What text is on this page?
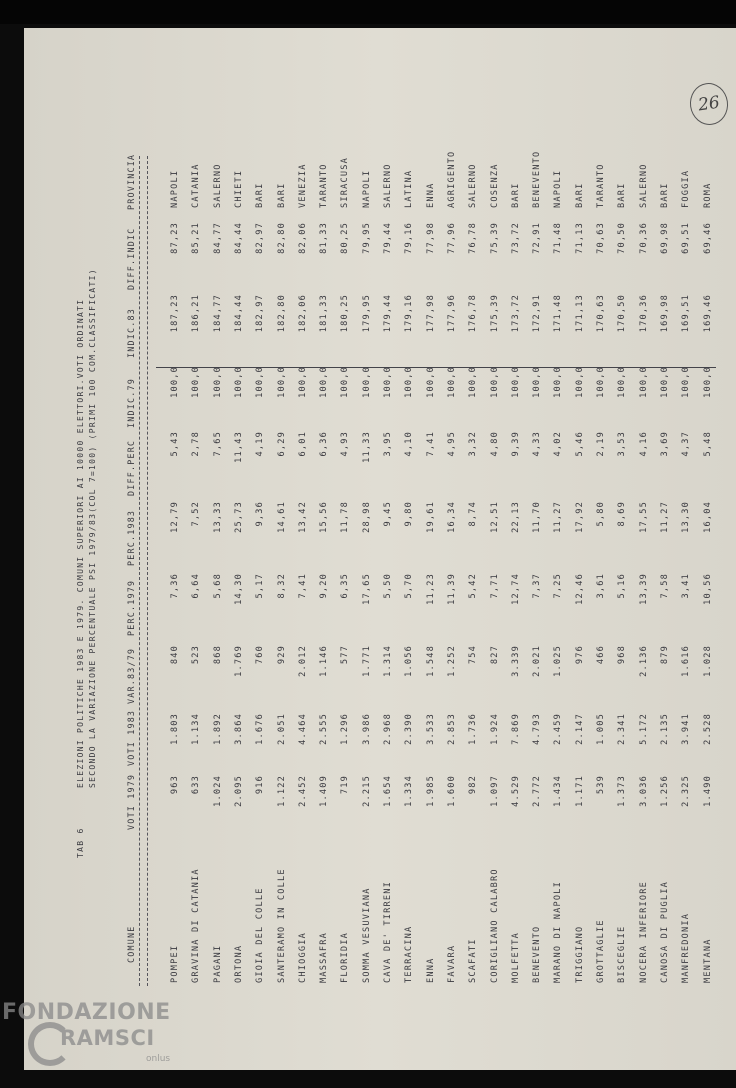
TAB 6
ELEZIONI POLITICHE 1983 E 1979. COMUNI SUPERIORI AI 10000 ELETTORI.VOTI ORDINATI SECONDO LA VARIAZIONE PERCENTUALE PSI 1979/83(COL 7=100) (PRIMI 100 COM.CLASSIFICATI)
COMUNE
VOTI 1979
VOTI 1983
VAR.83/79
PERC.1979
PERC.1983
DIFF.PERC
INDIC.79
INDIC.83
DIFF.INDIC
PROVINCIA
POMPEI
963
1.803
840
7,36
12,79
5,43
100,0
187,23
87,23
NAPOLI
GRAVINA DI CATANIA
633
1.134
523
6,64
7,52
2,78
100,0
186,21
85,21
CATANIA
PAGANI
1.024
1.892
868
5,68
13,33
7,65
100,0
184,77
84,77
SALERNO
ORTONA
2.095
3.864
1.769
14,30
25,73
11,43
100,0
184,44
84,44
CHIETI
GIOIA DEL COLLE
916
1.676
760
5,17
9,36
4,19
100,0
182,97
82,97
BARI
SANTERAMO IN COLLE
1.122
2.051
929
8,32
14,61
6,29
100,0
182,80
82,80
BARI
CHIOGGIA
2.452
4.464
2.012
7,41
13,42
6,01
100,0
182,06
82,06
VENEZIA
MASSAFRA
1.409
2.555
1.146
9,20
15,56
6,36
100,0
181,33
81,33
TARANTO
FLORIDIA
719
1.296
577
6,35
11,78
4,93
100,0
180,25
80,25
SIRACUSA
SOMMA VESUVIANA
2.215
3.986
1.771
17,65
28,98
11,33
100,0
179,95
79,95
NAPOLI
CAVA DE' TIRRENI
1.654
2.968
1.314
5,50
9,45
3,95
100,0
179,44
79,44
SALERNO
TERRACINA
1.334
2.390
1.056
5,70
9,80
4,10
100,0
179,16
79,16
LATINA
ENNA
1.985
3.533
1.548
11,23
19,61
7,41
100,0
177,98
77,98
ENNA
FAVARA
1.600
2.853
1.252
11,39
16,34
4,95
100,0
177,96
77,96
AGRIGENTO
SCAFATI
982
1.736
754
5,42
8,74
3,32
100,0
176,78
76,78
SALERNO
CORIGLIANO CALABRO
1.097
1.924
827
7,71
12,51
4,80
100,0
175,39
75,39
COSENZA
MOLFETTA
4.529
7.869
3.339
12,74
22,13
9,39
100,0
173,72
73,72
BARI
BENEVENTO
2.772
4.793
2.021
7,37
11,70
4,33
100,0
172,91
72,91
BENEVENTO
MARANO DI NAPOLI
1.434
2.459
1.025
7,25
11,27
4,02
100,0
171,48
71,48
NAPOLI
TRIGGIANO
1.171
2.147
976
12,46
17,92
5,46
100,0
171,13
71,13
BARI
GROTTAGLIE
539
1.005
466
3,61
5,80
2,19
100,0
170,63
70,63
TARANTO
BISCEGLIE
1.373
2.341
968
5,16
8,69
3,53
100,0
170,50
70,50
BARI
NOCERA INFERIORE
3.036
5.172
2.136
13,39
17,55
4,16
100,0
170,36
70,36
SALERNO
CANOSA DI PUGLIA
1.256
2.135
879
7,58
11,27
3,69
100,0
169,98
69,98
BARI
MANFREDONIA
2.325
3.941
1.616
3,41
13,30
4,37
100,0
169,51
69,51
FOGGIA
MENTANA
1.490
2.528
1.028
10,56
16,04
5,48
100,0
169,46
69,46
ROMA
26
FONDAZIONE
RAMSCI
onlus
